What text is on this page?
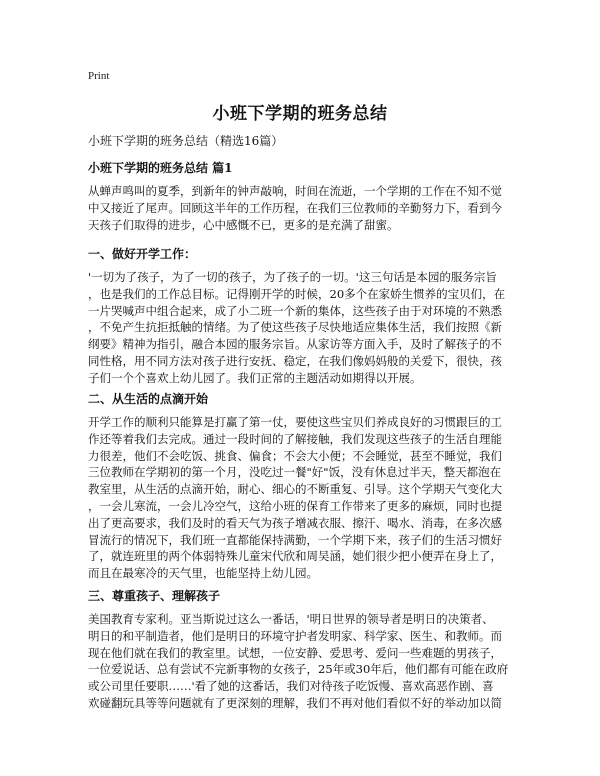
Print
小班下学期的班务总结
小班下学期的班务总结（精选16篇）
小班下学期的班务总结 篇1
从蝉声鸣叫的夏季，到新年的钟声敲响，时间在流逝，一个学期的工作在不知不觉
中又接近了尾声。回顾这半年的工作历程，在我们三位教师的辛勤努力下，看到今
天孩子们取得的进步，心中感慨不已，更多的是充满了甜蜜。
一、做好开学工作：
'一切为了孩子，为了一切的孩子，为了孩子的一切。'这三句话是本园的服务宗旨
，也是我们的工作总目标。记得刚开学的时候，20多个在家娇生惯养的宝贝们，在
一片哭喊声中组合起来，成了小二班一个新的集体，这些孩子由于对环境的不熟悉
，不免产生抗拒抵触的情绪。为了使这些孩子尽快地适应集体生活，我们按照《新
纲要》精神为指引，融合本园的服务宗旨。从家访等方面入手，及时了解孩子的不
同性格，用不同方法对孩子进行安抚、稳定，在我们像妈妈般的关爱下，很快，孩
子们一个个喜欢上幼儿园了。我们正常的主题活动如期得以开展。
二、从生活的点滴开始
开学工作的顺利只能算是打赢了第一仗，要使这些宝贝们养成良好的习惯跟巨的工
作还等着我们去完成。通过一段时间的了解接触，我们发现这些孩子的生活自理能
力很差，他们不会吃饭、挑食、偏食；不会大小便；不会睡觉，甚至不睡觉，我们
三位教师在学期初的第一个月，没吃过一餐"好"饭，没有休息过半天，整天都泡在
教室里，从生活的点滴开始，耐心、细心的不断重复、引导。这个学期天气变化大
，一会儿寒流，一会儿冷空气，这给小班的保育工作带来了更多的麻烦，同时也提
出了更高要求，我们及时的看天气为孩子增减衣服、擦汗、喝水、消毒，在多次感
冒流行的情况下，我们班一直都能保持满勤，一个学期下来，孩子们的生活习惯好
了，就连班里的两个体弱特殊儿童宋代欣和周吴涵，她们很少把小便弄在身上了，
而且在最寒冷的天气里，也能坚持上幼儿园。
三、尊重孩子、理解孩子
美国教育专家利。亚当斯说过这么一番话，'明日世界的领导者是明日的决策者、
明日的和平制造者，他们是明日的环境守护者发明家、科学家、医生、和教师。而
现在他们就在我们的教室里。试想，一位安静、爱思考、爱问一些难题的男孩子，
一位爱说话、总有尝试不完新事物的女孩子，25年或30年后，他们都有可能在政府
或公司里任要职……'看了她的这番话，我们对待孩子吃饭慢、喜欢高恶作剧、喜
欢碰翻玩具等等问题就有了更深刻的理解，我们不再对他们看似不好的举动加以简
